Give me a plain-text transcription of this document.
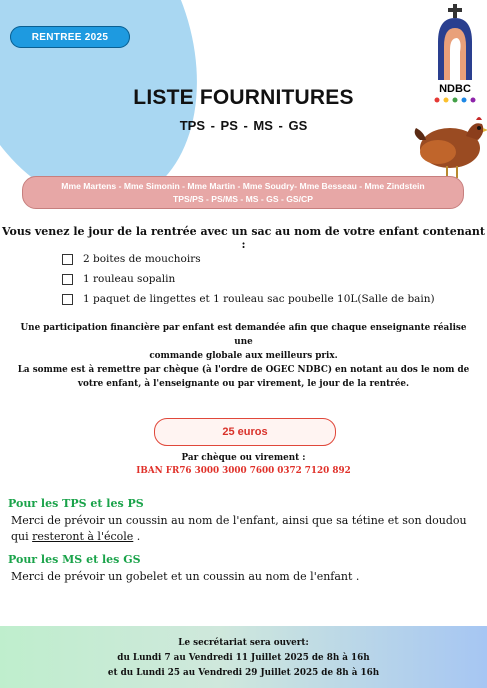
RENTREE 2025
NDBC
LISTE FOURNITURES
TPS - PS - MS - GS
Mme Martens - Mme Simonin - Mme Martin - Mme Soudry- Mme Besseau - Mme Zindstein
TPS/PS - PS/MS - MS - GS - GS/CP
Vous venez le jour de la rentrée avec un sac au nom de votre enfant contenant :
2 boites de mouchoirs
1 rouleau sopalin
1 paquet de lingettes et 1 rouleau sac poubelle 10L(Salle de bain)
Une participation financière par enfant est demandée afin que chaque enseignante réalise une
commande globale aux meilleurs prix.
La somme est à remettre par chèque (à l'ordre de OGEC NDBC) en notant au dos le nom de
votre enfant, à l'enseignante ou par virement, le jour de la rentrée.
25 euros
Par chèque ou virement :
IBAN FR76 3000 3000 7600 0372 7120 892
Pour les TPS et les PS
Merci de prévoir un coussin au nom de l'enfant, ainsi que sa tétine et son doudou
qui resteront à l'école .
Pour les MS et les GS
Merci de prévoir un gobelet et un coussin au nom de l'enfant .
Le secrétariat sera ouvert:
du Lundi 7 au Vendredi 11 Juillet 2025 de 8h à 16h
et du Lundi 25 au Vendredi 29 Juillet 2025 de 8h à 16h
